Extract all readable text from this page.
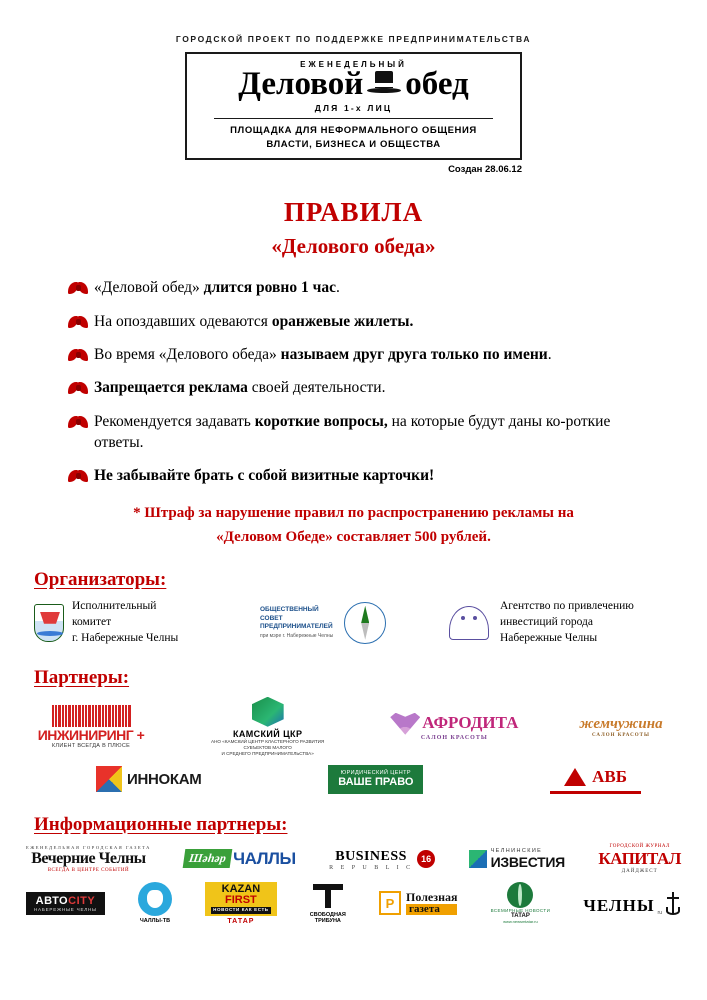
ГОРОДСКОЙ ПРОЕКТ ПО ПОДДЕРЖКЕ ПРЕДПРИНИМАТЕЛЬСТВА
ЕЖЕНЕДЕЛЬНЫЙ
Деловой обед
ДЛЯ 1-х ЛИЦ
ПЛОЩАДКА ДЛЯ НЕФОРМАЛЬНОГО ОБЩЕНИЯ
ВЛАСТИ, БИЗНЕСА И ОБЩЕСТВА
Создан 28.06.12
ПРАВИЛА
«Делового обеда»
«Деловой обед» длится ровно 1 час.
На опоздавших одеваются оранжевые жилеты.
Во время «Делового обеда» называем друг друга только по имени.
Запрещается реклама своей деятельности.
Рекомендуется задавать короткие вопросы, на которые будут даны ко-роткие ответы.
Не забывайте брать с собой визитные карточки!
* Штраф за нарушение правил по распространению рекламы на
«Деловом Обеде» составляет 500 рублей.
Организаторы:
Исполнительный
комитет
г. Набережные Челны
ОБЩЕСТВЕННЫЙ
СОВЕТ
ПРЕДПРИНИМАТЕЛЕЙ
при мэре г. Набережные Челны
Агентство по привлечению
инвестиций города
Набережные Челны
Партнеры:
ИНЖИНИРИНГ +
КЛИЕНТ ВСЕГДА В ПЛЮСЕ
КАМСКИЙ ЦКР
АНО «КАМСКИЙ ЦЕНТР КЛАСТЕРНОГО РАЗВИТИЯ
СУБЪЕКТОВ МАЛОГО
И СРЕДНЕГО ПРЕДПРИНИМАТЕЛЬСТВА»
АФРОДИТА
САЛОН КРАСОТЫ
жемчужина
САЛОН КРАСОТЫ
ИННОКАМ	ЮРИДИЧЕСКИЙ ЦЕНТР
ВАШЕ ПРАВО	АВБ
Информационные партнеры:
ЕЖЕНЕДЕЛЬНАЯ ГОРОДСКАЯ ГАЗЕТА
Вечерние Челны
ВСЕГДА В ЦЕНТРЕ СОБЫТИЙ
Шәһәр ЧАЛЛЫ	BUSINESS
R E P U B L I C
16
ЧЕЛНИНСКИЕ
ИЗВЕСТИЯ
ГОРОДСКОЙ ЖУРНАЛ
КАПИТАЛ
ДАЙДЖЕСТ
АВТОCITY
НАБЕРЕЖНЫЕ ЧЕЛНЫ
ЧАЛЛЫ-ТВ
KAZAN
FIRST
НОВОСТИ КАК ЕСТЬ
ТАТАР
СВОБОДНАЯ
ТРИБУНА
Р Полезная
газета	ВСЕМИРНЫЕ НОВОСТИ
ТАТАР
www.newsmtatar.ru
ЧЕЛНЫ ru
